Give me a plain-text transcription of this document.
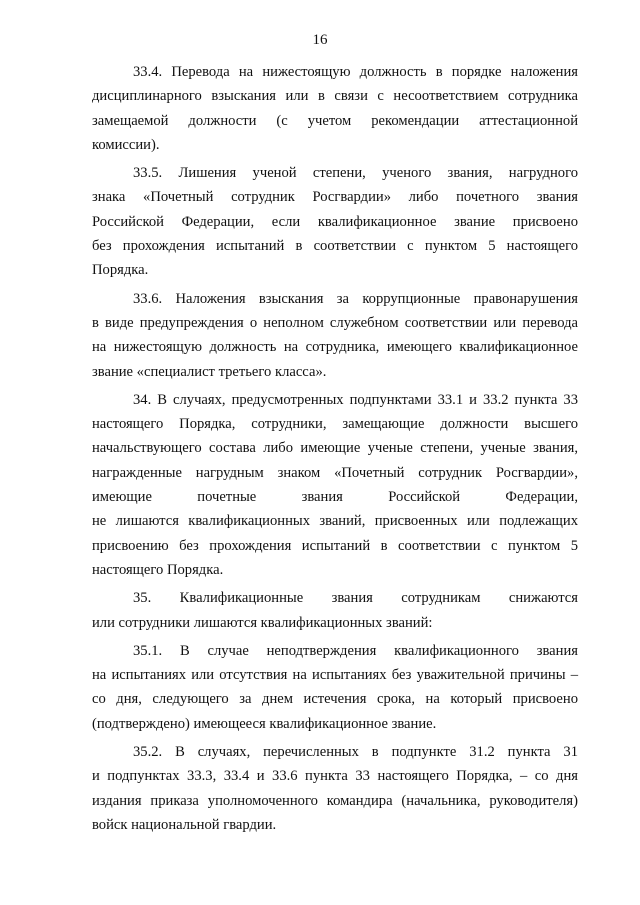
16
33.4. Перевода на нижестоящую должность в порядке наложения
дисциплинарного взыскания или в связи с несоответствием сотрудника
замещаемой должности (с учетом рекомендации аттестационной
комиссии).
33.5. Лишения ученой степени, ученого звания, нагрудного
знака «Почетный сотрудник Росгвардии» либо почетного звания
Российской Федерации, если квалификационное звание присвоено
без прохождения испытаний в соответствии с пунктом 5 настоящего
Порядка.
33.6. Наложения взыскания за коррупционные правонарушения
в виде предупреждения о неполном служебном соответствии или перевода
на нижестоящую должность на сотрудника, имеющего квалификационное
звание «специалист третьего класса».
34. В случаях, предусмотренных подпунктами 33.1 и 33.2 пункта 33
настоящего Порядка, сотрудники, замещающие должности высшего
начальствующего состава либо имеющие ученые степени, ученые звания,
награжденные нагрудным знаком «Почетный сотрудник Росгвардии»,
имеющие почетные звания Российской Федерации,
не лишаются квалификационных званий, присвоенных или подлежащих
присвоению без прохождения испытаний в соответствии с пунктом 5
настоящего Порядка.
35. Квалификационные звания сотрудникам снижаются
или сотрудники лишаются квалификационных званий:
35.1. В случае неподтверждения квалификационного звания
на испытаниях или отсутствия на испытаниях без уважительной причины –
со дня, следующего за днем истечения срока, на который присвоено
(подтверждено) имеющееся квалификационное звание.
35.2. В случаях, перечисленных в подпункте 31.2 пункта 31
и подпунктах 33.3, 33.4 и 33.6 пункта 33 настоящего Порядка, – со дня
издания приказа уполномоченного командира (начальника, руководителя)
войск национальной гвардии.
